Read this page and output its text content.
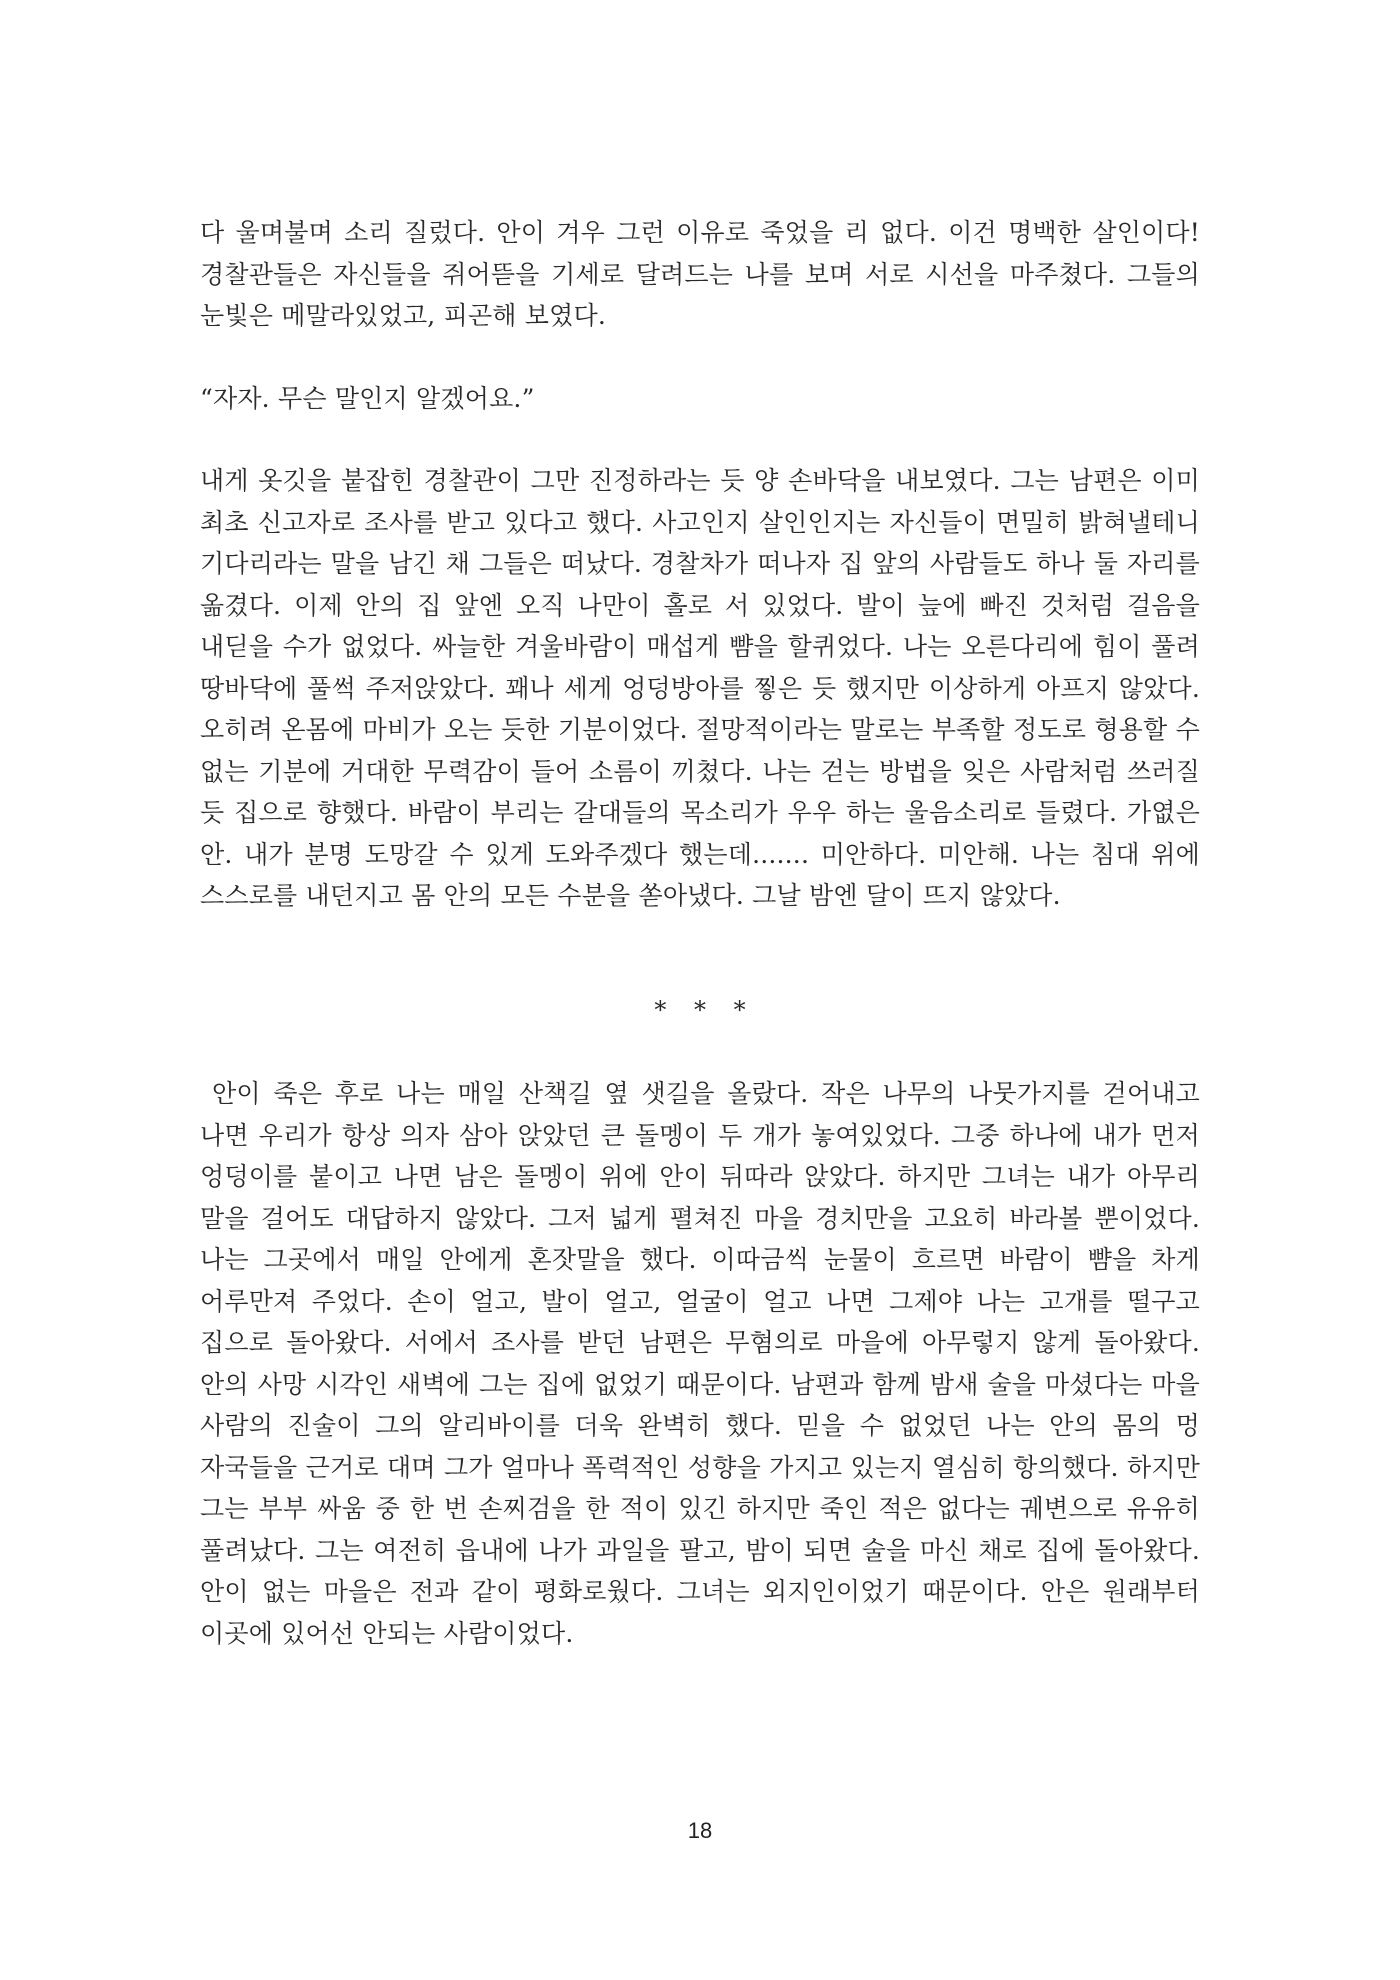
다 울며불며 소리 질렀다. 안이 겨우 그런 이유로 죽었을 리 없다. 이건 명백한 살인이다! 경찰관들은 자신들을 쥐어뜯을 기세로 달려드는 나를 보며 서로 시선을 마주쳤다. 그들의 눈빛은 메말라있었고, 피곤해 보였다.

“자자. 무슨 말인지 알겠어요.”

내게 옷깃을 붙잡힌 경찰관이 그만 진정하라는 듯 양 손바닥을 내보였다. 그는 남편은 이미 최초 신고자로 조사를 받고 있다고 했다. 사고인지 살인인지는 자신들이 면밀히 밝혀낼테니 기다리라는 말을 남긴 채 그들은 떠났다. 경찰차가 떠나자 집 앞의 사람들도 하나 둘 자리를 옮겼다. 이제 안의 집 앞엔 오직 나만이 홀로 서 있었다. 발이 늪에 빠진 것처럼 걸음을 내딛을 수가 없었다. 싸늘한 겨울바람이 매섭게 뺨을 할퀴었다. 나는 오른다리에 힘이 풀려 땅바닥에 풀썩 주저앉았다. 꽤나 세게 엉덩방아를 찧은 듯 했지만 이상하게 아프지 않았다. 오히려 온몸에 마비가 오는 듯한 기분이었다. 절망적이라는 말로는 부족할 정도로 형용할 수 없는 기분에 거대한 무력감이 들어 소름이 끼쳤다. 나는 걷는 방법을 잊은 사람처럼 쓰러질 듯 집으로 향했다. 바람이 부리는 갈대들의 목소리가 우우 하는 울음소리로 들렸다. 가엾은 안. 내가 분명 도망갈 수 있게 도와주겠다 했는데....... 미안하다. 미안해. 나는 침대 위에 스스로를 내던지고 몸 안의 모든 수분을 쏟아냈다. 그날 밤엔 달이 뜨지 않았다.

* * *

안이 죽은 후로 나는 매일 산책길 옆 샛길을 올랐다. 작은 나무의 나뭇가지를 걷어내고 나면 우리가 항상 의자 삼아 앉았던 큰 돌멩이 두 개가 놓여있었다. 그중 하나에 내가 먼저 엉덩이를 붙이고 나면 남은 돌멩이 위에 안이 뒤따라 앉았다. 하지만 그녀는 내가 아무리 말을 걸어도 대답하지 않았다. 그저 넓게 펼쳐진 마을 경치만을 고요히 바라볼 뿐이었다. 나는 그곳에서 매일 안에게 혼잣말을 했다. 이따금씩 눈물이 흐르면 바람이 뺨을 차게 어루만져 주었다. 손이 얼고, 발이 얼고, 얼굴이 얼고 나면 그제야 나는 고개를 떨구고 집으로 돌아왔다. 서에서 조사를 받던 남편은 무혐의로 마을에 아무렇지 않게 돌아왔다. 안의 사망 시각인 새벽에 그는 집에 없었기 때문이다. 남편과 함께 밤새 술을 마셨다는 마을 사람의 진술이 그의 알리바이를 더욱 완벽히 했다. 믿을 수 없었던 나는 안의 몸의 멍 자국들을 근거로 대며 그가 얼마나 폭력적인 성향을 가지고 있는지 열심히 항의했다. 하지만 그는 부부 싸움 중 한 번 손찌검을 한 적이 있긴 하지만 죽인 적은 없다는 궤변으로 유유히 풀려났다. 그는 여전히 읍내에 나가 과일을 팔고, 밤이 되면 술을 마신 채로 집에 돌아왔다. 안이 없는 마을은 전과 같이 평화로웠다. 그녀는 외지인이었기 때문이다. 안은 원래부터 이곳에 있어선 안되는 사람이었다.

18
